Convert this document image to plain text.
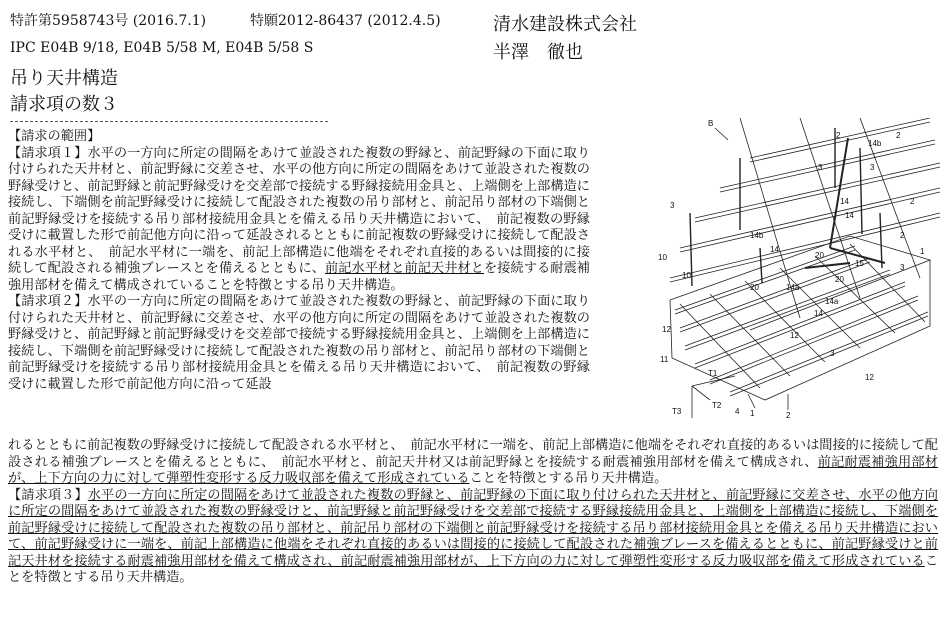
特許第5958743号 (2016.7.1)	特願2012-86437 (2012.4.5)
IPC E04B 9/18, E04B 5/58 M, E04B 5/58 S
吊り天井構造
請求項の数３
清水建設株式会社
半澤　徹也

【請求の範囲】

【請求項１】水平の一方向に所定の間隔をあけて並設された複数の野縁と、前記野縁の下面に取り付けられた天井材と、前記野縁に交差させ、水平の他方向に所定の間隔をあけて並設された複数の野縁受けと、前記野縁と前記野縁受けを交差部で接続する野縁接続用金具と、上端側を上部構造に接続し、下端側を前記野縁受けに接続して配設された複数の吊り部材と、前記吊り部材の下端側と前記野縁受けを接続する吊り部材接続用金具とを備える吊り天井構造において、　前記複数の野縁受けに載置した形で前記他方向に沿って延設されるとともに前記複数の野縁受けに接続して配設される水平材と、　前記水平材に一端を、前記上部構造に他端をそれぞれ直接的あるいは間接的に接続して配設される補強ブレースとを備えるとともに、前記水平材と前記天井材とを接続する耐震補強用部材を備えて構成されていることを特徴とする吊り天井構造。

【請求項２】水平の一方向に所定の間隔をあけて並設された複数の野縁と、前記野縁の下面に取り付けられた天井材と、前記野縁に交差させ、水平の他方向に所定の間隔をあけて並設された複数の野縁受けと、前記野縁と前記野縁受けを交差部で接続する野縁接続用金具と、上端側を上部構造に接続し、下端側を前記野縁受けに接続して配設された複数の吊り部材と、前記吊り部材の下端側と前記野縁受けを接続する吊り部材接続用金具とを備える吊り天井構造において、　前記複数の野縁受けに載置した形で前記他方向に沿って延設

B
2	2
14b
3	3
3	14	2
14b
14
14
20
20
15
2
3
10
10
20	14a
14a
14
1
12
12
3
11
12
T1
T2
T3	1	2
4

れるとともに前記複数の野縁受けに接続して配設される水平材と、　前記水平材に一端を、前記上部構造に他端をそれぞれ直接的あるいは間接的に接続して配設される補強ブレースとを備えるとともに、　前記水平材と、前記天井材又は前記野縁とを接続する耐震補強用部材を備えて構成され、前記耐震補強用部材が、上下方向の力に対して弾塑性変形する反力吸収部を備えて形成されていることを特徴とする吊り天井構造。

【請求項３】水平の一方向に所定の間隔をあけて並設された複数の野縁と、前記野縁の下面に取り付けられた天井材と、前記野縁に交差させ、水平の他方向に所定の間隔をあけて並設された複数の野縁受けと、前記野縁と前記野縁受けを交差部で接続する野縁接続用金具と、上端側を上部構造に接続し、下端側を前記野縁受けに接続して配設された複数の吊り部材と、前記吊り部材の下端側と前記野縁受けを接続する吊り部材接続用金具とを備える吊り天井構造において、前記野縁受けに一端を、前記上部構造に他端をそれぞれ直接的あるいは間接的に接続して配設された補強ブレースを備えるとともに、前記野縁受けと前記天井材を接続する耐震補強用部材を備えて構成され、前記耐震補強用部材が、上下方向の力に対して弾塑性変形する反力吸収部を備えて形成されていることを特徴とする吊り天井構造。
